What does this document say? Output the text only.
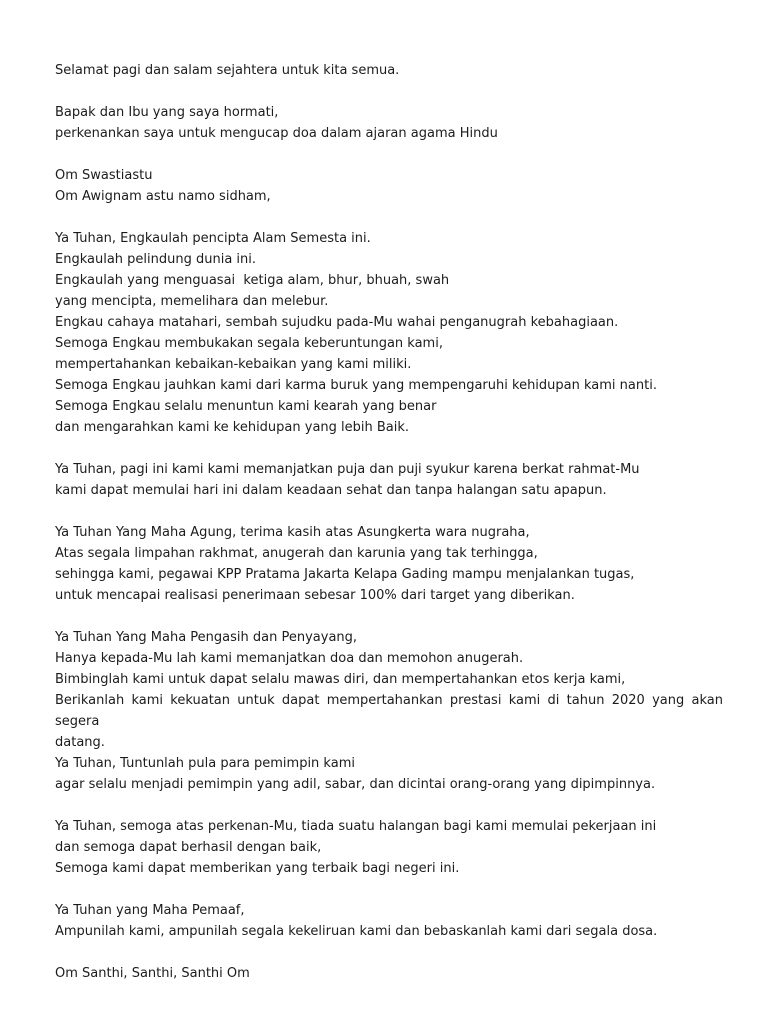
Selamat pagi dan salam sejahtera untuk kita semua.
Bapak dan Ibu yang saya hormati,
perkenankan saya untuk mengucap doa dalam ajaran agama Hindu
Om Swastiastu
Om Awignam astu namo sidham,
Ya Tuhan, Engkaulah pencipta Alam Semesta ini.
Engkaulah pelindung dunia ini.
Engkaulah yang menguasai  ketiga alam, bhur, bhuah, swah
yang mencipta, memelihara dan melebur.
Engkau cahaya matahari, sembah sujudku pada-Mu wahai penganugrah kebahagiaan.
Semoga Engkau membukakan segala keberuntungan kami,
mempertahankan kebaikan-kebaikan yang kami miliki.
Semoga Engkau jauhkan kami dari karma buruk yang mempengaruhi kehidupan kami nanti.
Semoga Engkau selalu menuntun kami kearah yang benar
dan mengarahkan kami ke kehidupan yang lebih Baik.
Ya Tuhan, pagi ini kami kami memanjatkan puja dan puji syukur karena berkat rahmat-Mu
kami dapat memulai hari ini dalam keadaan sehat dan tanpa halangan satu apapun.
Ya Tuhan Yang Maha Agung, terima kasih atas Asungkerta wara nugraha,
Atas segala limpahan rakhmat, anugerah dan karunia yang tak terhingga,
sehingga kami, pegawai KPP Pratama Jakarta Kelapa Gading mampu menjalankan tugas,
untuk mencapai realisasi penerimaan sebesar 100% dari target yang diberikan.
Ya Tuhan Yang Maha Pengasih dan Penyayang,
Hanya kepada-Mu lah kami memanjatkan doa dan memohon anugerah.
Bimbinglah kami untuk dapat selalu mawas diri, dan mempertahankan etos kerja kami,
Berikanlah kami kekuatan untuk dapat mempertahankan prestasi kami di tahun 2020 yang akan segera
datang.
Ya Tuhan, Tuntunlah pula para pemimpin kami
agar selalu menjadi pemimpin yang adil, sabar, dan dicintai orang-orang yang dipimpinnya.
Ya Tuhan, semoga atas perkenan-Mu, tiada suatu halangan bagi kami memulai pekerjaan ini
dan semoga dapat berhasil dengan baik,
Semoga kami dapat memberikan yang terbaik bagi negeri ini.
Ya Tuhan yang Maha Pemaaf,
Ampunilah kami, ampunilah segala kekeliruan kami dan bebaskanlah kami dari segala dosa.
Om Santhi, Santhi, Santhi Om
